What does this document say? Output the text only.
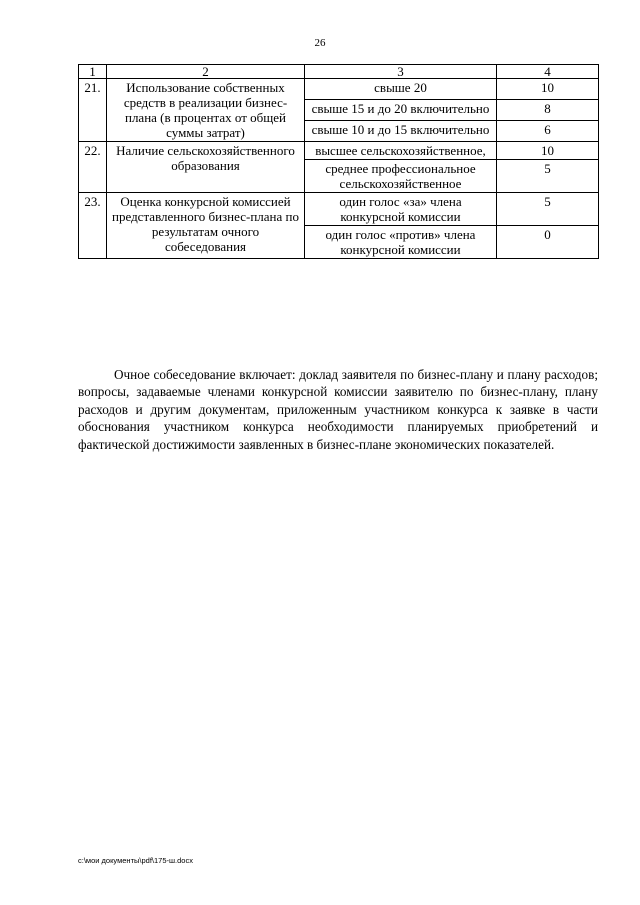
26
1	2	3	4
21.	Использование собственных средств в реализации бизнес-плана (в процентах от общей суммы затрат)	свыше 20	10
		свыше 15 и до 20 включительно	8
		свыше 10 и до 15 включительно	6
22.	Наличие сельскохозяйственного образования	высшее сельскохозяйственное,	10
		среднее профессиональное сельскохозяйственное	5
23.	Оценка конкурсной комиссией представленного бизнес-плана по результатам очного собеседования	один голос «за» члена конкурсной комиссии	5
		один голос «против» члена конкурсной комиссии	0

Очное собеседование включает: доклад заявителя по бизнес-плану и плану расходов; вопросы, задаваемые членами конкурсной комиссии заявителю по бизнес-плану, плану расходов и другим документам, приложенным участником конкурса к заявке в части обоснования участником конкурса необходимости планируемых приобретений и фактической достижимости заявленных в бизнес-плане экономических показателей.

с:\мои документы\pdf\175-ш.docx
